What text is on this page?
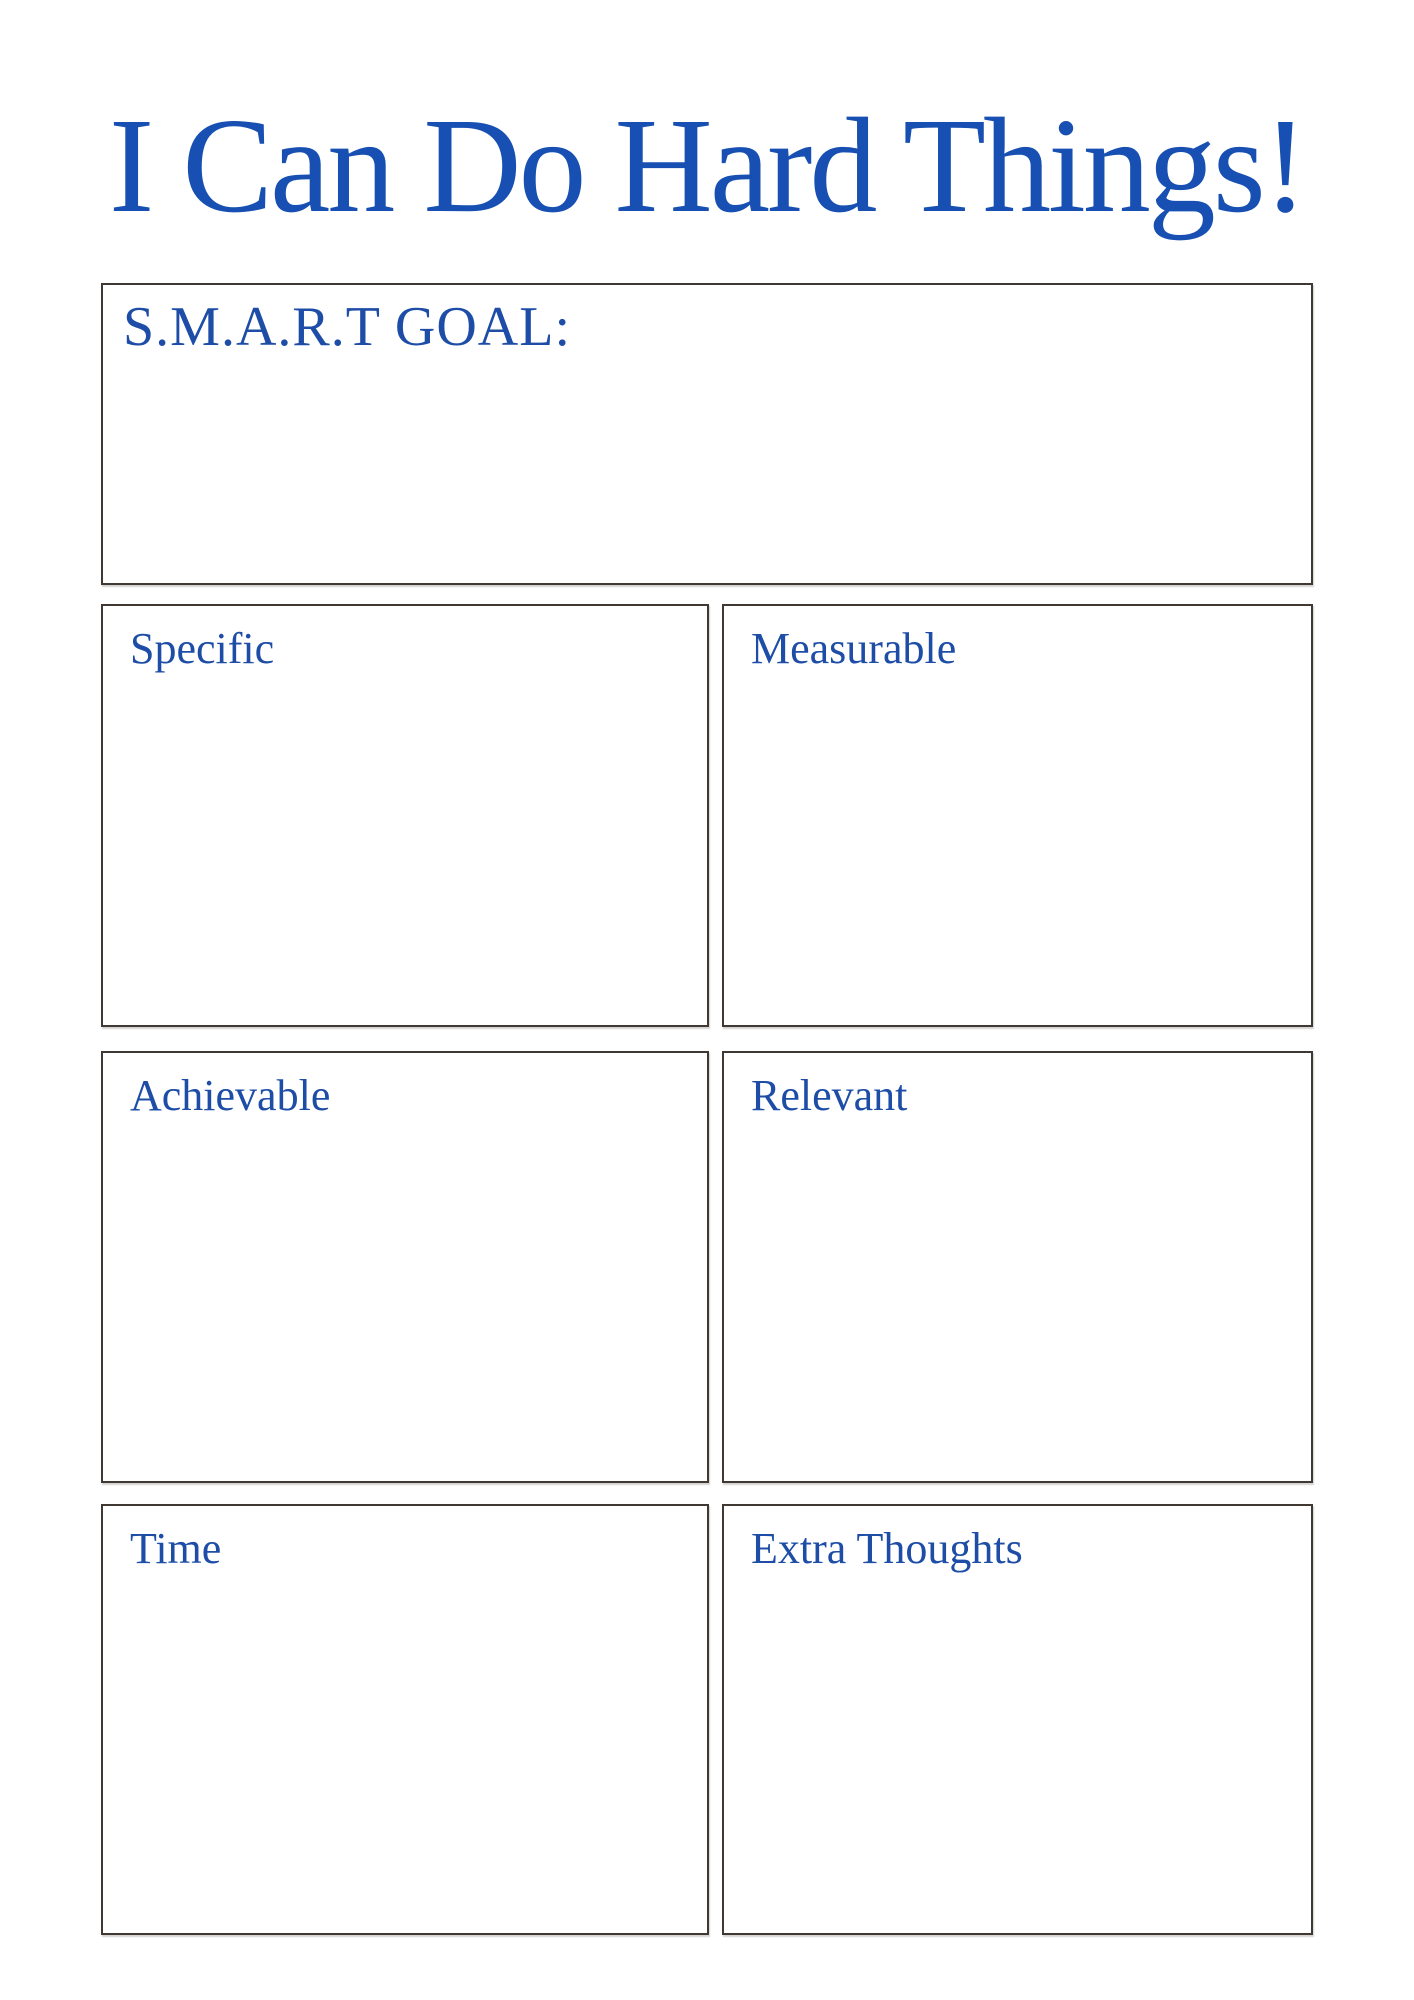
I Can Do Hard Things!
S.M.A.R.T GOAL:
Specific	Measurable
Achievable	Relevant
Time	Extra Thoughts
